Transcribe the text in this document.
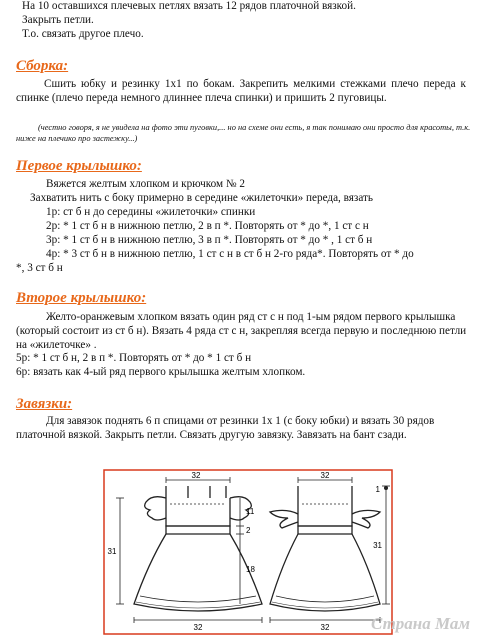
На 10 оставшихся плечевых петлях вязать 12 рядов платочной вязкой.
Закрыть петли.
Т.о. связать другое плечо.
Сборка:
Сшить юбку и резинку 1х1 по бокам. Закрепить мелкими стежками плечо переда к спинке (плечо переда немного длиннее плеча спинки) и пришить 2 пуговицы.
(честно говоря, я не увидела на фото эти пуговки,... но на схеме они есть, я так понимаю они просто для красоты, т.к. ниже на плечико про застежку...)
Первое крылышко:
Вяжется желтым хлопком и крючком № 2
Захватить нить с боку примерно в середине «жилеточки» переда, вязать
1р: ст б н до середины «жилеточки» спинки
2р: * 1 ст б н в нижнюю петлю, 2 в п *. Повторять от * до *, 1 ст с н
3р: * 1 ст б н в нижнюю петлю, 3 в п *. Повторять от * до * , 1 ст б н
4р: * 3 ст б н в нижнюю петлю, 1 ст с н в ст б н 2-го ряда*. Повторять от * до
*, 3 ст б н
Второе крылышко:
Желто-оранжевым хлопком вязать один ряд ст с н под 1-ым рядом первого крылышка (который состоит из ст б н). Вязать 4 ряда ст с н, закрепляя всегда первую и последнюю петли на «жилеточке» .
5р: * 1 ст б н, 2 в п *. Повторять от * до * 1 ст б н
6р: вязать как 4-ый ряд первого крылышка желтым хлопком.
Завязки:
Для завязок поднять 6 п спицами от резинки 1х 1 (с боку юбки) и вязать 30 рядов платочной вязкой. Закрыть петли. Связать другую завязку. Завязать на бант сзади.
32
31
11
2
18
32
32
1
31
32 Страна Мам
